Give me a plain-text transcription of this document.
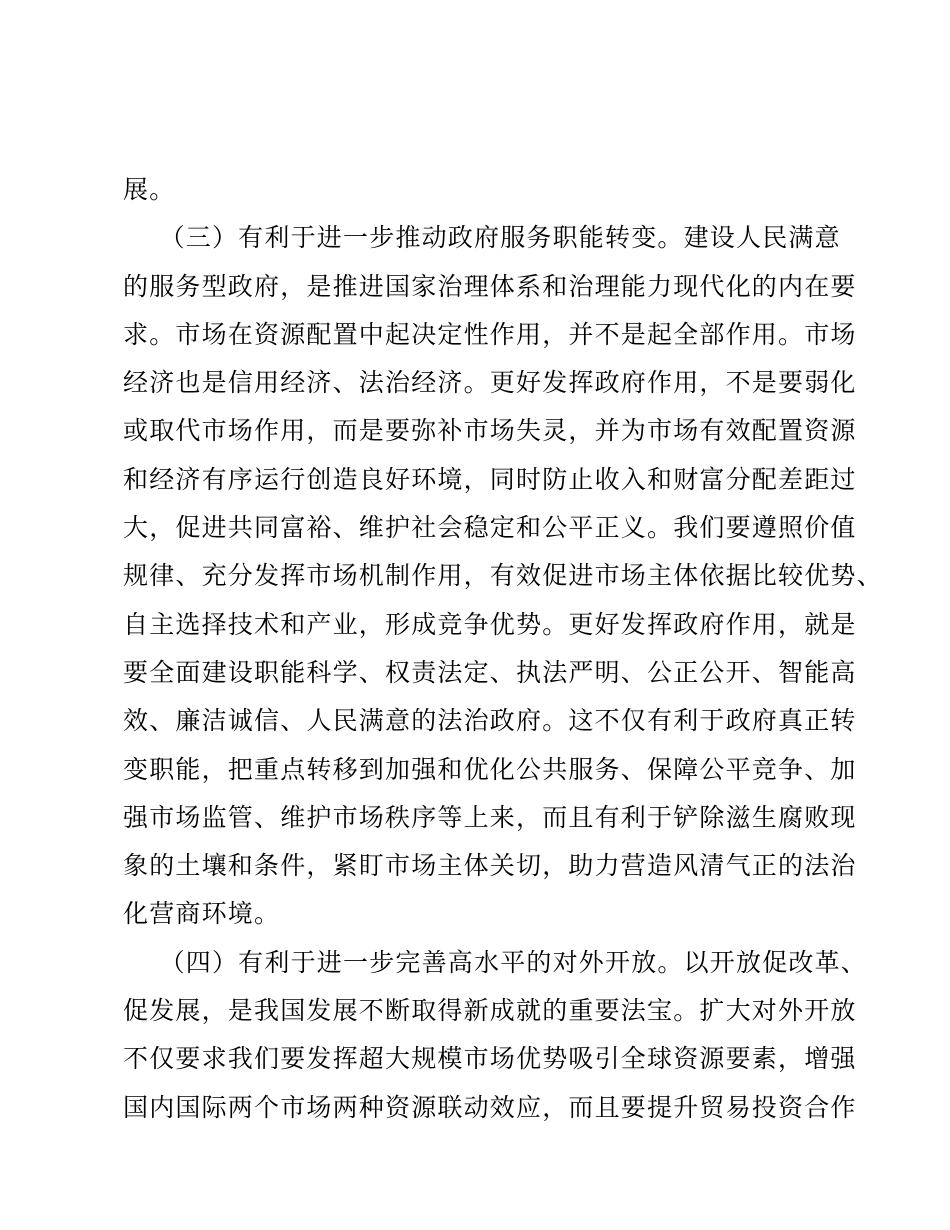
展。
（三）有利于进一步推动政府服务职能转变。建设人民满意
的服务型政府，是推进国家治理体系和治理能力现代化的内在要
求。市场在资源配置中起决定性作用，并不是起全部作用。市场
经济也是信用经济、法治经济。更好发挥政府作用，不是要弱化
或取代市场作用，而是要弥补市场失灵，并为市场有效配置资源
和经济有序运行创造良好环境，同时防止收入和财富分配差距过
大，促进共同富裕、维护社会稳定和公平正义。我们要遵照价值
规律、充分发挥市场机制作用，有效促进市场主体依据比较优势、
自主选择技术和产业，形成竞争优势。更好发挥政府作用，就是
要全面建设职能科学、权责法定、执法严明、公正公开、智能高
效、廉洁诚信、人民满意的法治政府。这不仅有利于政府真正转
变职能，把重点转移到加强和优化公共服务、保障公平竞争、加
强市场监管、维护市场秩序等上来，而且有利于铲除滋生腐败现
象的土壤和条件，紧盯市场主体关切，助力营造风清气正的法治
化营商环境。
（四）有利于进一步完善高水平的对外开放。以开放促改革、
促发展，是我国发展不断取得新成就的重要法宝。扩大对外开放
不仅要求我们要发挥超大规模市场优势吸引全球资源要素，增强
国内国际两个市场两种资源联动效应，而且要提升贸易投资合作
